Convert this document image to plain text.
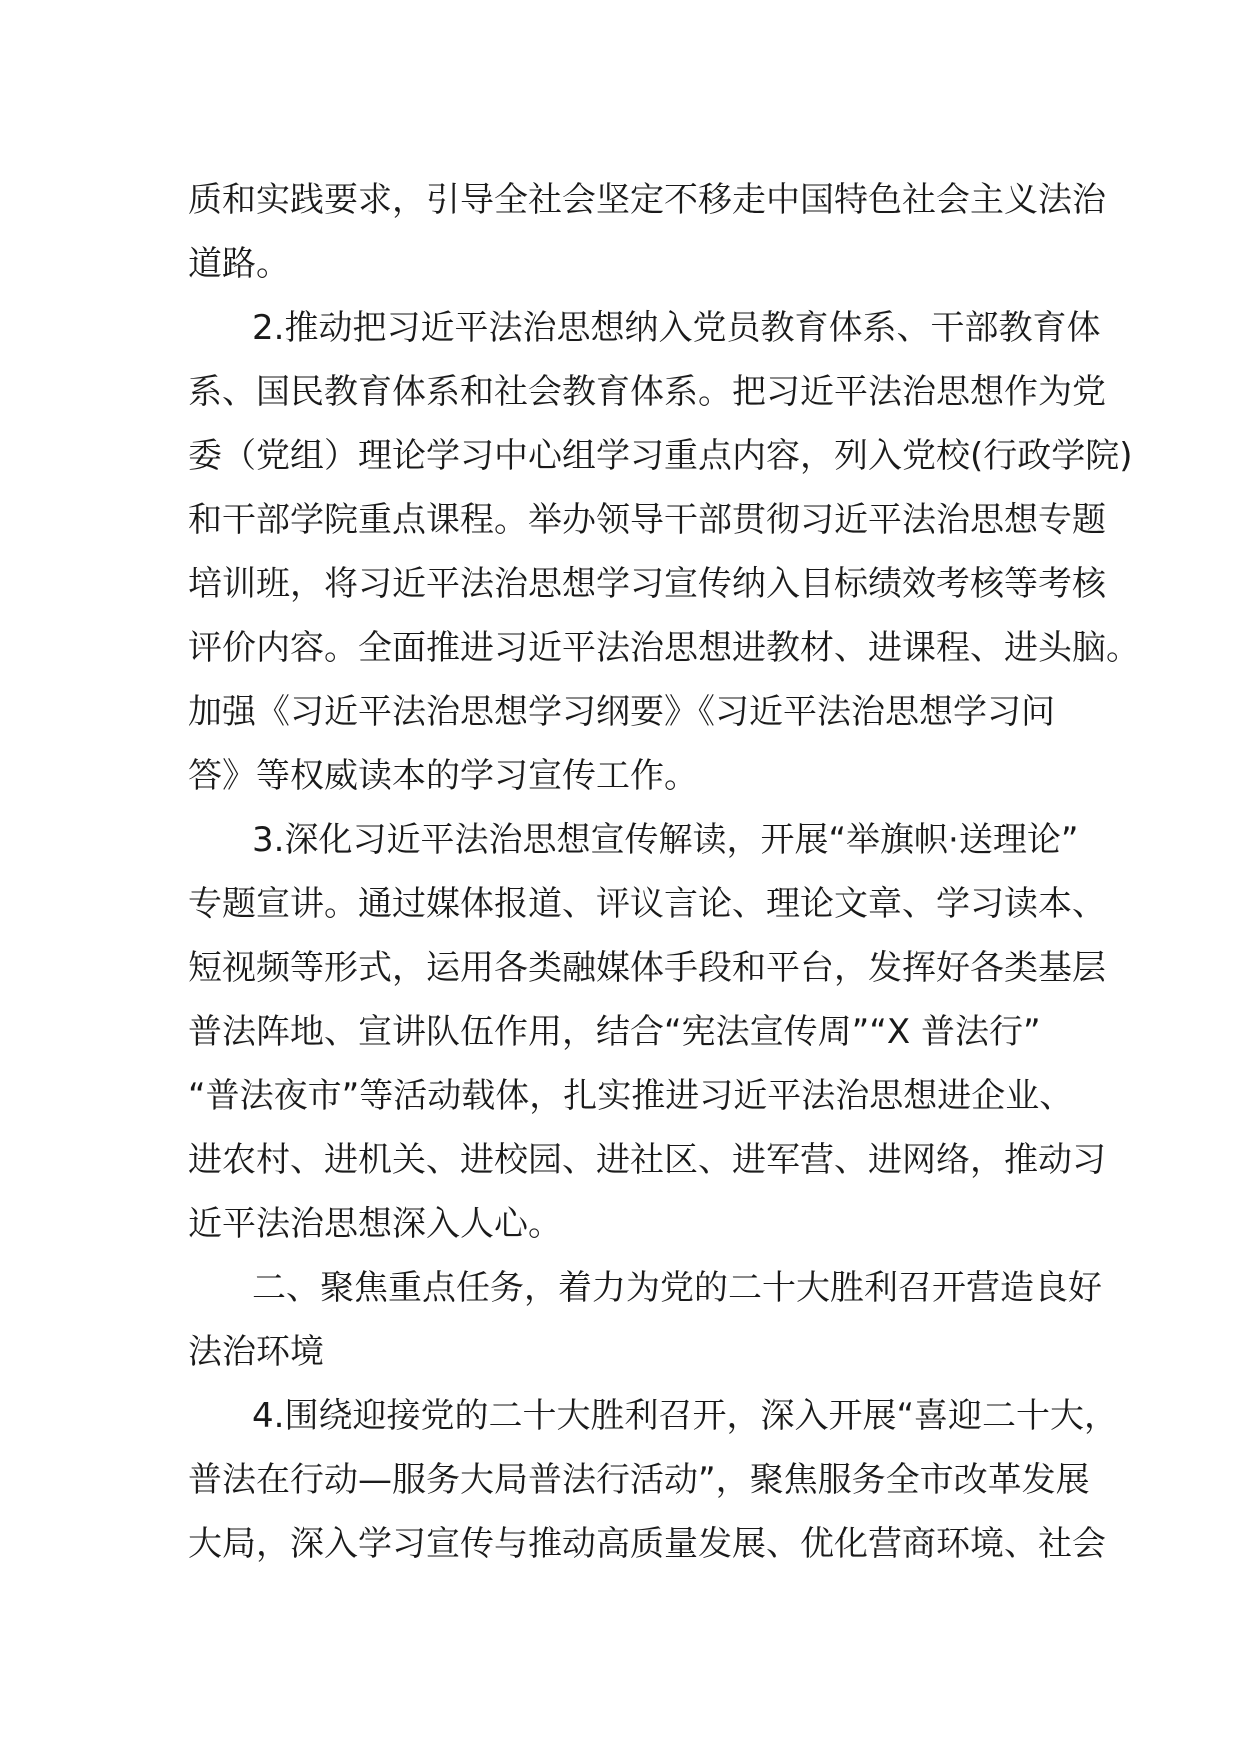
质和实践要求，引导全社会坚定不移走中国特色社会主义法治
道路。
2.推动把习近平法治思想纳入党员教育体系、干部教育体
系、国民教育体系和社会教育体系。把习近平法治思想作为党
委（党组）理论学习中心组学习重点内容，列入党校(行政学院)
和干部学院重点课程。举办领导干部贯彻习近平法治思想专题
培训班，将习近平法治思想学习宣传纳入目标绩效考核等考核
评价内容。全面推进习近平法治思想进教材、进课程、进头脑。
加强《习近平法治思想学习纲要》《习近平法治思想学习问
答》等权威读本的学习宣传工作。
3.深化习近平法治思想宣传解读，开展“举旗帜·送理论”
专题宣讲。通过媒体报道、评议言论、理论文章、学习读本、
短视频等形式，运用各类融媒体手段和平台，发挥好各类基层
普法阵地、宣讲队伍作用，结合“宪法宣传周”“X 普法行”
“普法夜市”等活动载体，扎实推进习近平法治思想进企业、
进农村、进机关、进校园、进社区、进军营、进网络，推动习
近平法治思想深入人心。
二、聚焦重点任务，着力为党的二十大胜利召开营造良好
法治环境
4.围绕迎接党的二十大胜利召开，深入开展“喜迎二十大，
普法在行动—服务大局普法行活动”，聚焦服务全市改革发展
大局，深入学习宣传与推动高质量发展、优化营商环境、社会
